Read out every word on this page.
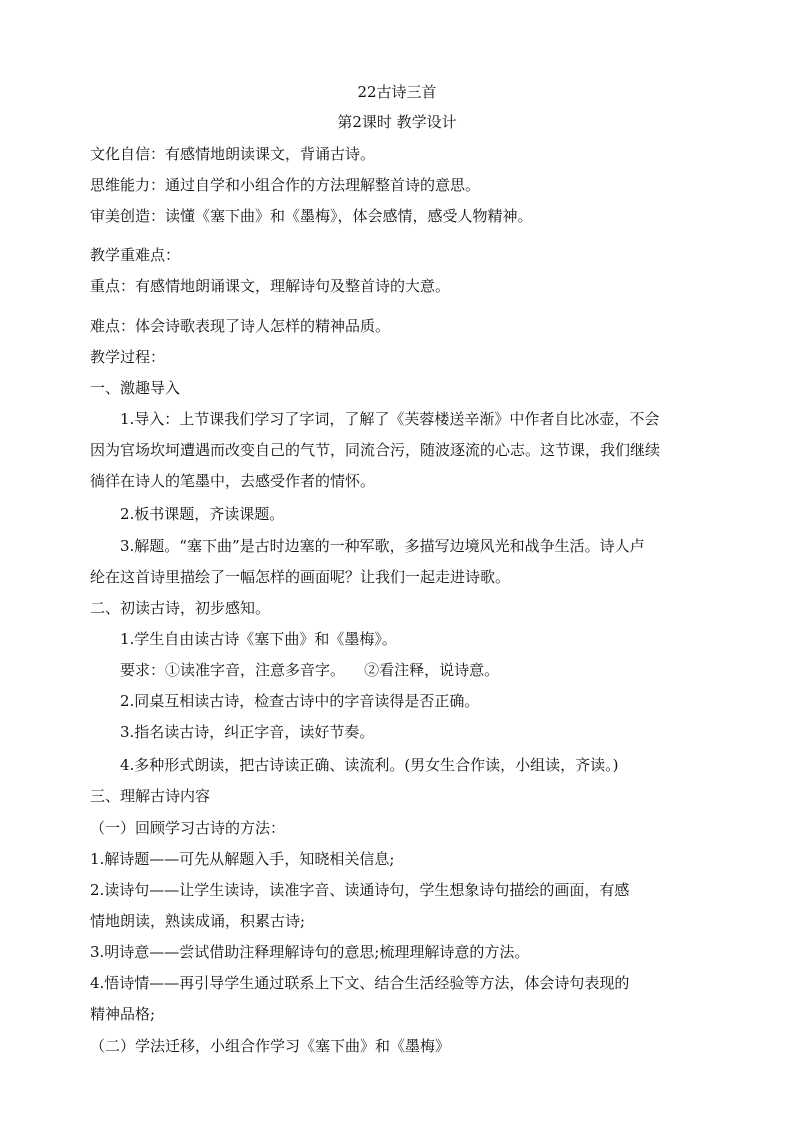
22古诗三首
第2课时 教学设计
文化自信：有感情地朗读课文，背诵古诗。
思维能力：通过自学和小组合作的方法理解整首诗的意思。
审美创造：读懂《塞下曲》和《墨梅》，体会感情，感受人物精神。
教学重难点：
重点：有感情地朗诵课文，理解诗句及整首诗的大意。
难点：体会诗歌表现了诗人怎样的精神品质。
教学过程：
一、激趣导入
1.导入：上节课我们学习了字词，了解了《芙蓉楼送辛渐》中作者自比冰壶，不会
因为官场坎坷遭遇而改变自己的气节，同流合污，随波逐流的心志。这节课，我们继续
徜徉在诗人的笔墨中，去感受作者的情怀。
2.板书课题，齐读课题。
3.解题。“塞下曲”是古时边塞的一种军歌，多描写边境风光和战争生活。诗人卢
纶在这首诗里描绘了一幅怎样的画面呢？让我们一起走进诗歌。
二、初读古诗，初步感知。
1.学生自由读古诗《塞下曲》和《墨梅》。
要求：①读准字音，注意多音字。    ②看注释，说诗意。
2.同桌互相读古诗，检查古诗中的字音读得是否正确。
3.指名读古诗，纠正字音，读好节奏。
4.多种形式朗读，把古诗读正确、读流利。(男女生合作读，小组读，齐读。)
三、理解古诗内容
（一）回顾学习古诗的方法：
1.解诗题——可先从解题入手，知晓相关信息;
2.读诗句——让学生读诗，读准字音、读通诗句，学生想象诗句描绘的画面，有感
情地朗读，熟读成诵，积累古诗;
3.明诗意——尝试借助注释理解诗句的意思;梳理理解诗意的方法。
4.悟诗情——再引导学生通过联系上下文、结合生活经验等方法，体会诗句表现的
精神品格;
（二）学法迁移，小组合作学习《塞下曲》和《墨梅》
